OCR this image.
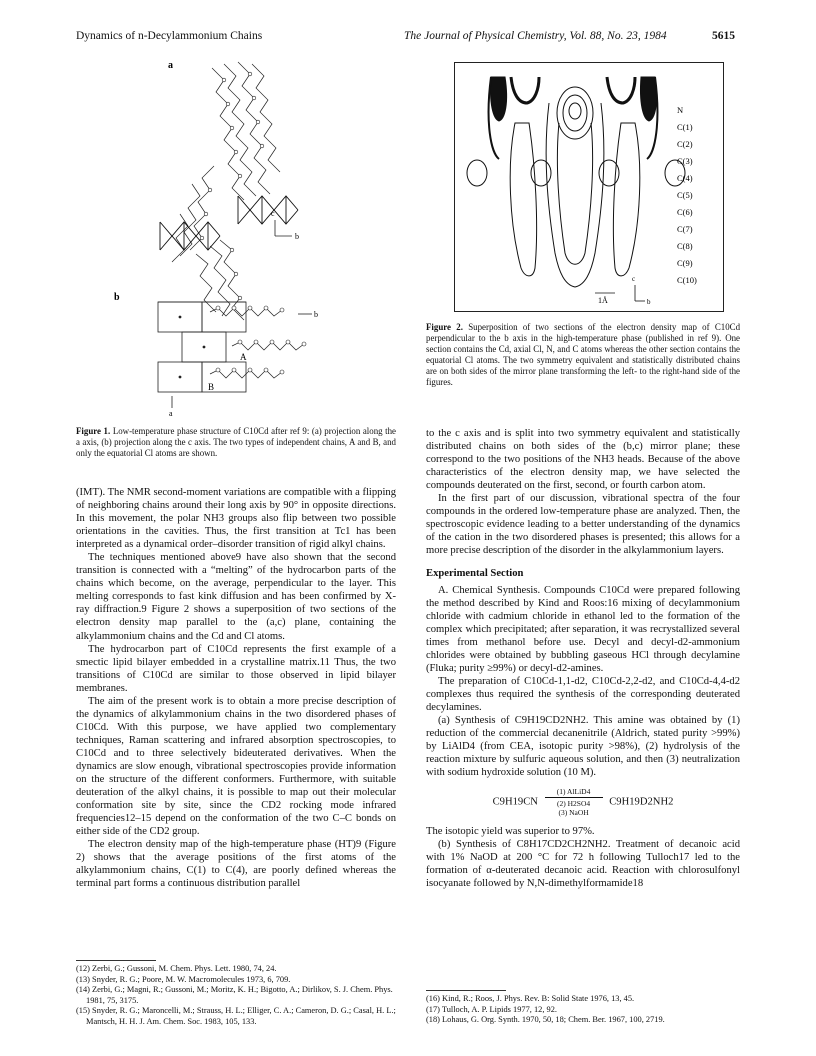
Dynamics of n-Decylammonium Chains	The Journal of Physical Chemistry, Vol. 88, No. 23, 1984	5615
a
c
b
b
b
A
B
a
Figure 1. Low-temperature phase structure of C10Cd after ref 9: (a) projection along the a axis, (b) projection along the c axis. The two types of independent chains, A and B, and only the equatorial Cl atoms are shown.

(IMT). The NMR second-moment variations are compatible with a flipping of neighboring chains around their long axis by 90° in opposite directions. In this movement, the polar NH3 groups also flip between two possible orientations in the cavities. Thus, the first transition at Tc1 has been interpreted as a dynamical order–disorder transition of rigid alkyl chains.

The techniques mentioned above9 have also shown that the second transition is connected with a “melting” of the hydrocarbon parts of the chains which become, on the average, perpendicular to the layer. This melting corresponds to fast kink diffusion and has been confirmed by X-ray diffraction.9 Figure 2 shows a superposition of two sections of the electron density map parallel to the (a,c) plane, containing the alkylammonium chains and the Cd and Cl atoms.

The hydrocarbon part of C10Cd represents the first example of a smectic lipid bilayer embedded in a crystalline matrix.11 Thus, the two transitions of C10Cd are similar to those observed in lipid bilayer membranes.

The aim of the present work is to obtain a more precise description of the dynamics of alkylammonium chains in the two disordered phases of C10Cd. With this purpose, we have applied two complementary techniques, Raman scattering and infrared absorption spectroscopies, to C10Cd and to three selectively bideuterated derivatives. When the dynamics are slow enough, vibrational spectroscopies provide information on the structure of the different conformers. Furthermore, with suitable deuteration of the alkyl chains, it is possible to map out their molecular conformation site by site, since the CD2 rocking mode infrared frequencies12–15 depend on the conformation of the two C–C bonds on either side of the CD2 group.

The electron density map of the high-temperature phase (HT)9 (Figure 2) shows that the average positions of the first atoms of the alkylammonium chains, C(1) to C(4), are poorly defined whereas the terminal part forms a continuous distribution parallel

(12) Zerbi, G.; Gussoni, M. Chem. Phys. Lett. 1980, 74, 24.
(13) Snyder, R. G.; Poore, M. W. Macromolecules 1973, 6, 709.
(14) Zerbi, G.; Magni, R.; Gussoni, M.; Moritz, K. H.; Bigotto, A.; Dirlikov, S. J. Chem. Phys. 1981, 75, 3175.
(15) Snyder, R. G.; Maroncelli, M.; Strauss, H. L.; Elliger, C. A.; Cameron, D. G.; Casal, H. L.; Mantsch, H. H. J. Am. Chem. Soc. 1983, 105, 133.
N
C(1)
C(2)
C(3)
C(4)
C(5)
C(6)
C(7)
C(8)
C(9)
C(10)
1Å
c
b
Figure 2. Superposition of two sections of the electron density map of C10Cd perpendicular to the b axis in the high-temperature phase (published in ref 9). One section contains the Cd, axial Cl, N, and C atoms whereas the other section contains the equatorial Cl atoms. The two symmetry equivalent and statistically distributed chains are on both sides of the mirror plane transforming the left- to the right-hand side of the figures.

to the c axis and is split into two symmetry equivalent and statistically distributed chains on both sides of the (b,c) mirror plane; these correspond to the two positions of the NH3 heads. Because of the above characteristics of the electron density map, we have selected the compounds deuterated on the first, second, or fourth carbon atom.

In the first part of our discussion, vibrational spectra of the four compounds in the ordered low-temperature phase are analyzed. Then, the spectroscopic evidence leading to a better understanding of the dynamics of the cation in the two disordered phases is presented; this allows for a more precise description of the disorder in the alkylammonium layers.

Experimental Section

A. Chemical Synthesis. Compounds C10Cd were prepared following the method described by Kind and Roos:16 mixing of decylammonium chloride with cadmium chloride in ethanol led to the formation of the complex which precipitated; after separation, it was recrystallized several times from methanol before use. Decyl and decyl-d2-ammonium chlorides were obtained by bubbling gaseous HCl through decylamine (Fluka; purity ≥99%) or decyl-d2-amines.

The preparation of C10Cd-1,1-d2, C10Cd-2,2-d2, and C10Cd-4,4-d2 complexes thus required the synthesis of the corresponding deuterated decylamines.

(a) Synthesis of C9H19CD2NH2. This amine was obtained by (1) reduction of the commercial decanenitrile (Aldrich, stated purity >99%) by LiAlD4 (from CEA, isotopic purity >98%), (2) hydrolysis of the reaction mixture by sulfuric aqueous solution, and then (3) neutralization with sodium hydroxide solution (10 M).

C9H19CN
(1) AlLiD4
(2) H2SO4
(3) NaOH
C9H19D2NH2

The isotopic yield was superior to 97%.

(b) Synthesis of C8H17CD2CH2NH2. Treatment of decanoic acid with 1% NaOD at 200 °C for 72 h following Tulloch17 led to the formation of α-deuterated decanoic acid. Reaction with chlorosulfonyl isocyanate followed by N,N-dimethylformamide18

(16) Kind, R.; Roos, J. Phys. Rev. B: Solid State 1976, 13, 45.
(17) Tulloch, A. P. Lipids 1977, 12, 92.
(18) Lohaus, G. Org. Synth. 1970, 50, 18; Chem. Ber. 1967, 100, 2719.
